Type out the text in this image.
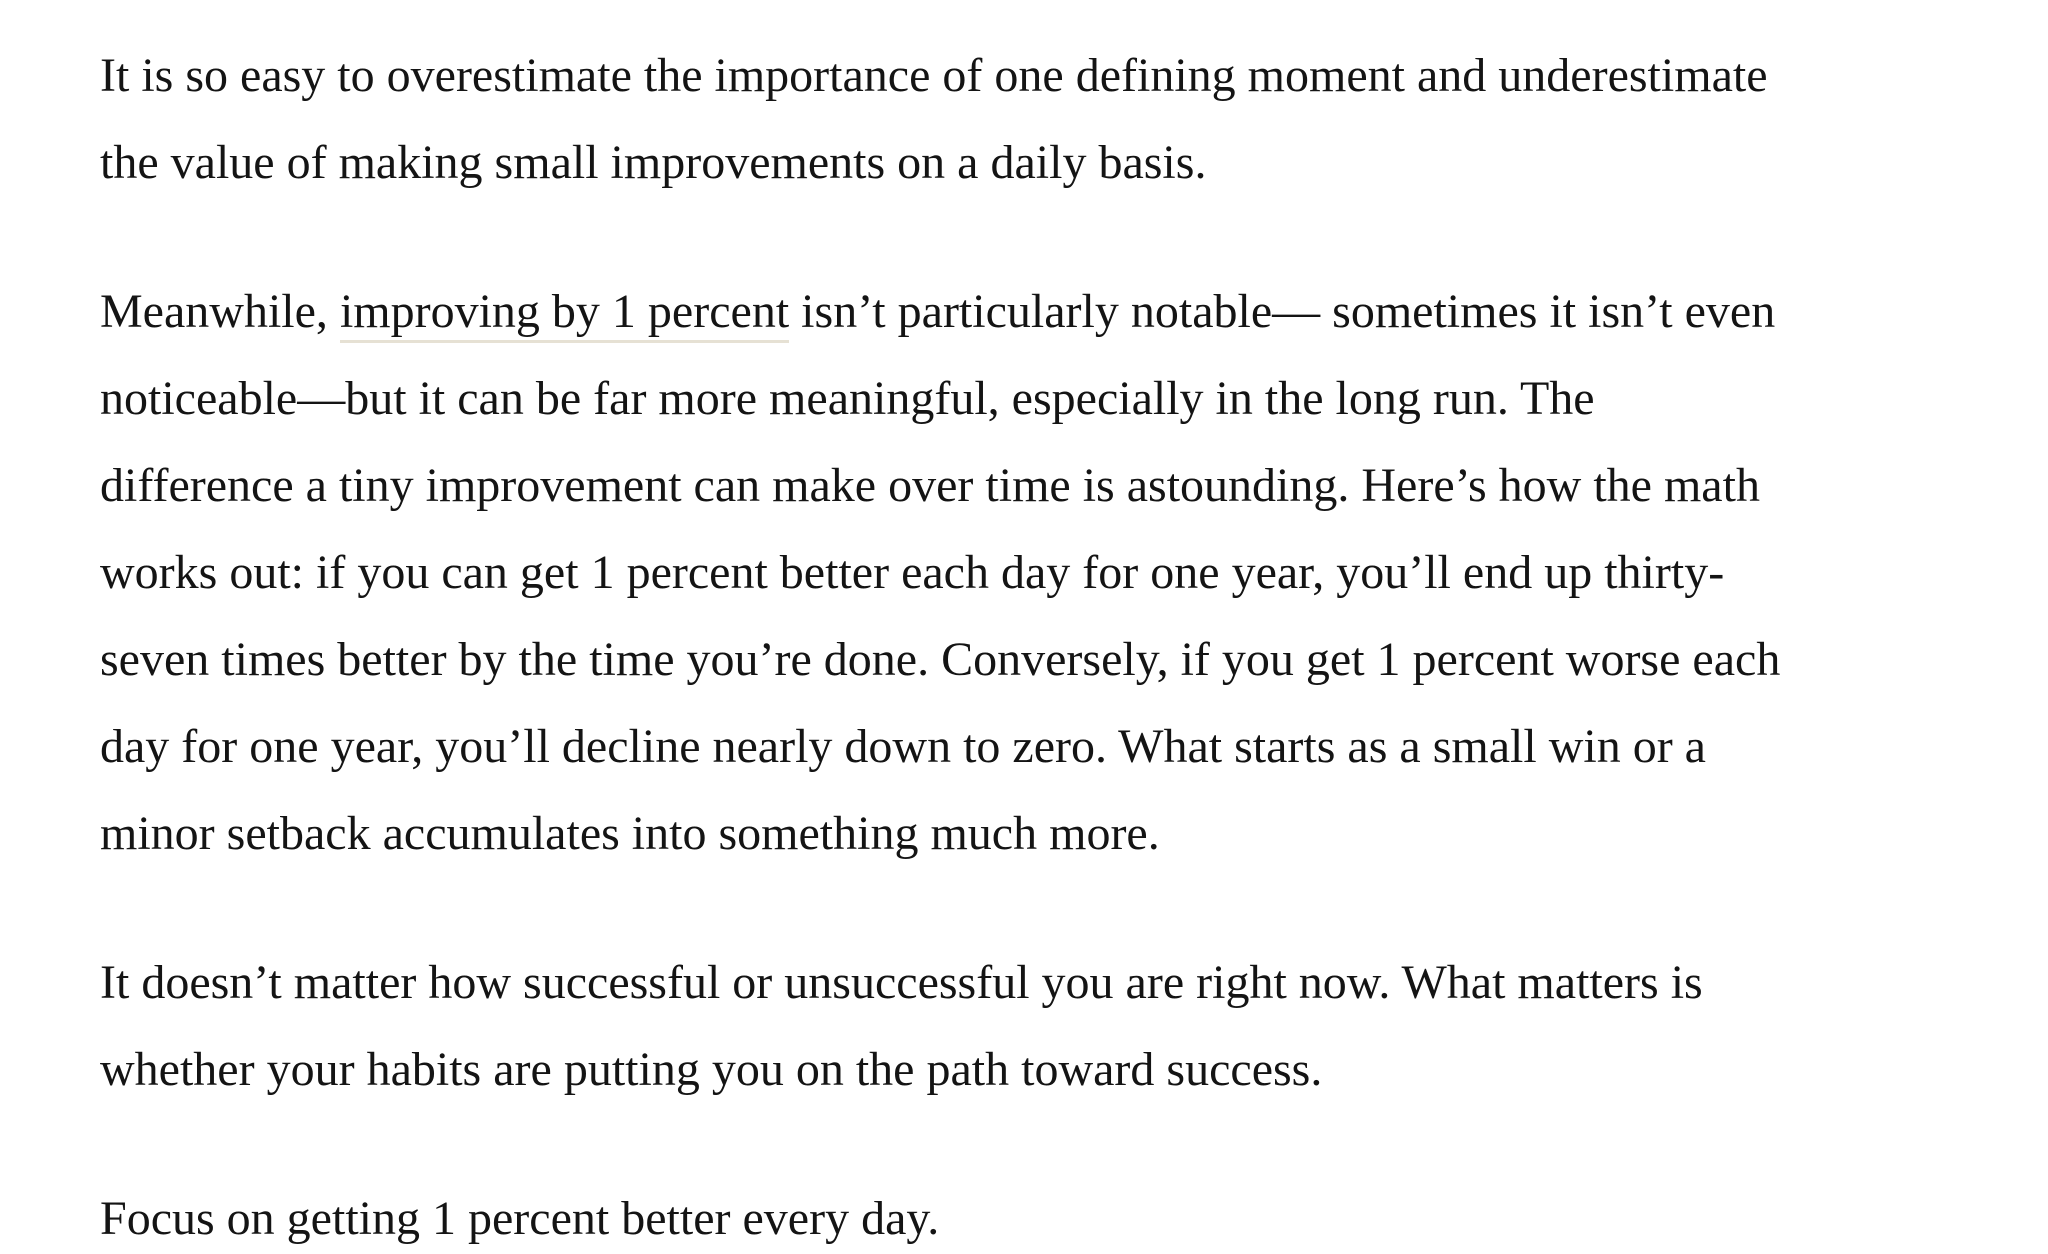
It is so easy to overestimate the importance of one defining moment and underestimate
the value of making small improvements on a daily basis.
Meanwhile, improving by 1 percent isn’t particularly notable— sometimes it isn’t even
noticeable—but it can be far more meaningful, especially in the long run. The
difference a tiny improvement can make over time is astounding. Here’s how the math
works out: if you can get 1 percent better each day for one year, you’ll end up thirty-
seven times better by the time you’re done. Conversely, if you get 1 percent worse each
day for one year, you’ll decline nearly down to zero. What starts as a small win or a
minor setback accumulates into something much more.
It doesn’t matter how successful or unsuccessful you are right now. What matters is
whether your habits are putting you on the path toward success.
Focus on getting 1 percent better every day.
